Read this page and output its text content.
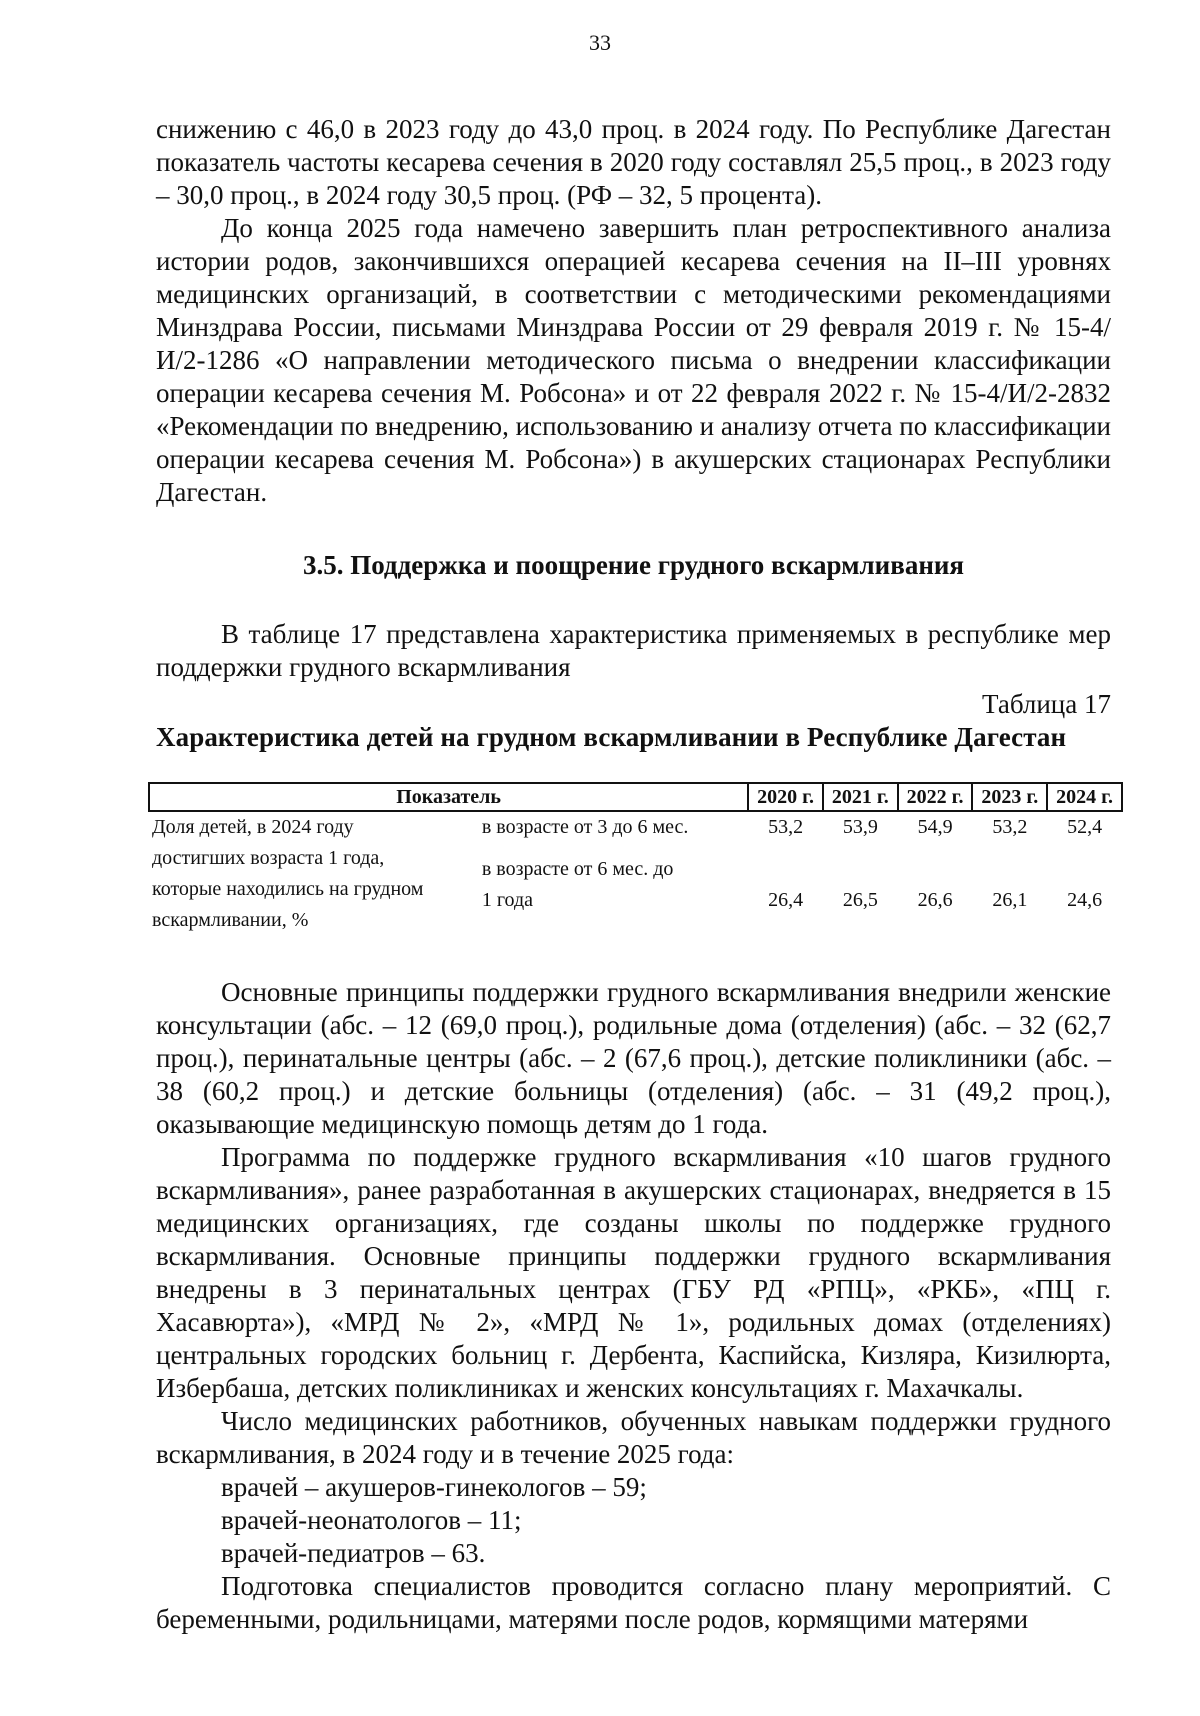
33

снижению с 46,0 в 2023 году до 43,0 проц. в 2024 году. По Республике Дагестан показатель частоты кесарева сечения в 2020 году составлял 25,5 проц., в 2023 году – 30,0 проц., в 2024 году 30,5 проц. (РФ – 32, 5 процента).

До конца 2025 года намечено завершить план ретроспективного анализа истории родов, закончившихся операцией кесарева сечения на II–III уровнях медицинских организаций, в соответствии с методическими рекомендациями Минздрава России, письмами Минздрава России от 29 февраля 2019 г. № 15-4/И/2-1286 «О направлении методического письма о внедрении классификации операции кесарева сечения М. Робсона» и от 22 февраля 2022 г. № 15-4/И/2-2832 «Рекомендации по внедрению, использованию и анализу отчета по классификации операции кесарева сечения М. Робсона») в акушерских стационарах Республики Дагестан.

3.5. Поддержка и поощрение грудного вскармливания

В таблице 17 представлена характеристика применяемых в республике мер поддержки грудного вскармливания

Таблица 17
Характеристика детей на грудном вскармливании в Республике Дагестан
Показатель		2020 г.	2021 г.	2022 г.	2023 г.	2024 г.

Доля детей, в 2024 году
достигших возраста 1 года,
которые находились на грудном
вскармливании, %	в возрасте от 3 до 6 мес.	53,2	53,9	54,9	53,2	52,4

	в возрасте от 6 мес. до
1 года	26,4	26,5	26,6	26,1	24,6

Основные принципы поддержки грудного вскармливания внедрили женские консультации (абс. – 12 (69,0 проц.), родильные дома (отделения) (абс. – 32 (62,7 проц.), перинатальные центры (абс. – 2 (67,6 проц.), детские поликлиники (абс. – 38 (60,2 проц.) и детские больницы (отделения) (абс. – 31 (49,2 проц.), оказывающие медицинскую помощь детям до 1 года.

Программа по поддержке грудного вскармливания «10 шагов грудного вскармливания», ранее разработанная в акушерских стационарах, внедряется в 15 медицинских организациях, где созданы школы по поддержке грудного вскармливания. Основные принципы поддержки грудного вскармливания внедрены в 3 перинатальных центрах (ГБУ РД «РПЦ», «РКБ», «ПЦ г. Хасавюрта»), «МРД № 2», «МРД № 1», родильных домах (отделениях) центральных городских больниц г. Дербента, Каспийска, Кизляра, Кизилюрта, Избербаша, детских поликлиниках и женских консультациях г. Махачкалы.

Число медицинских работников, обученных навыкам поддержки грудного вскармливания, в 2024 году и в течение 2025 года:

врачей – акушеров-гинекологов – 59;

врачей-неонатологов – 11;

врачей-педиатров – 63.

Подготовка специалистов проводится согласно плану мероприятий. С беременными, родильницами, матерями после родов, кормящими матерями
